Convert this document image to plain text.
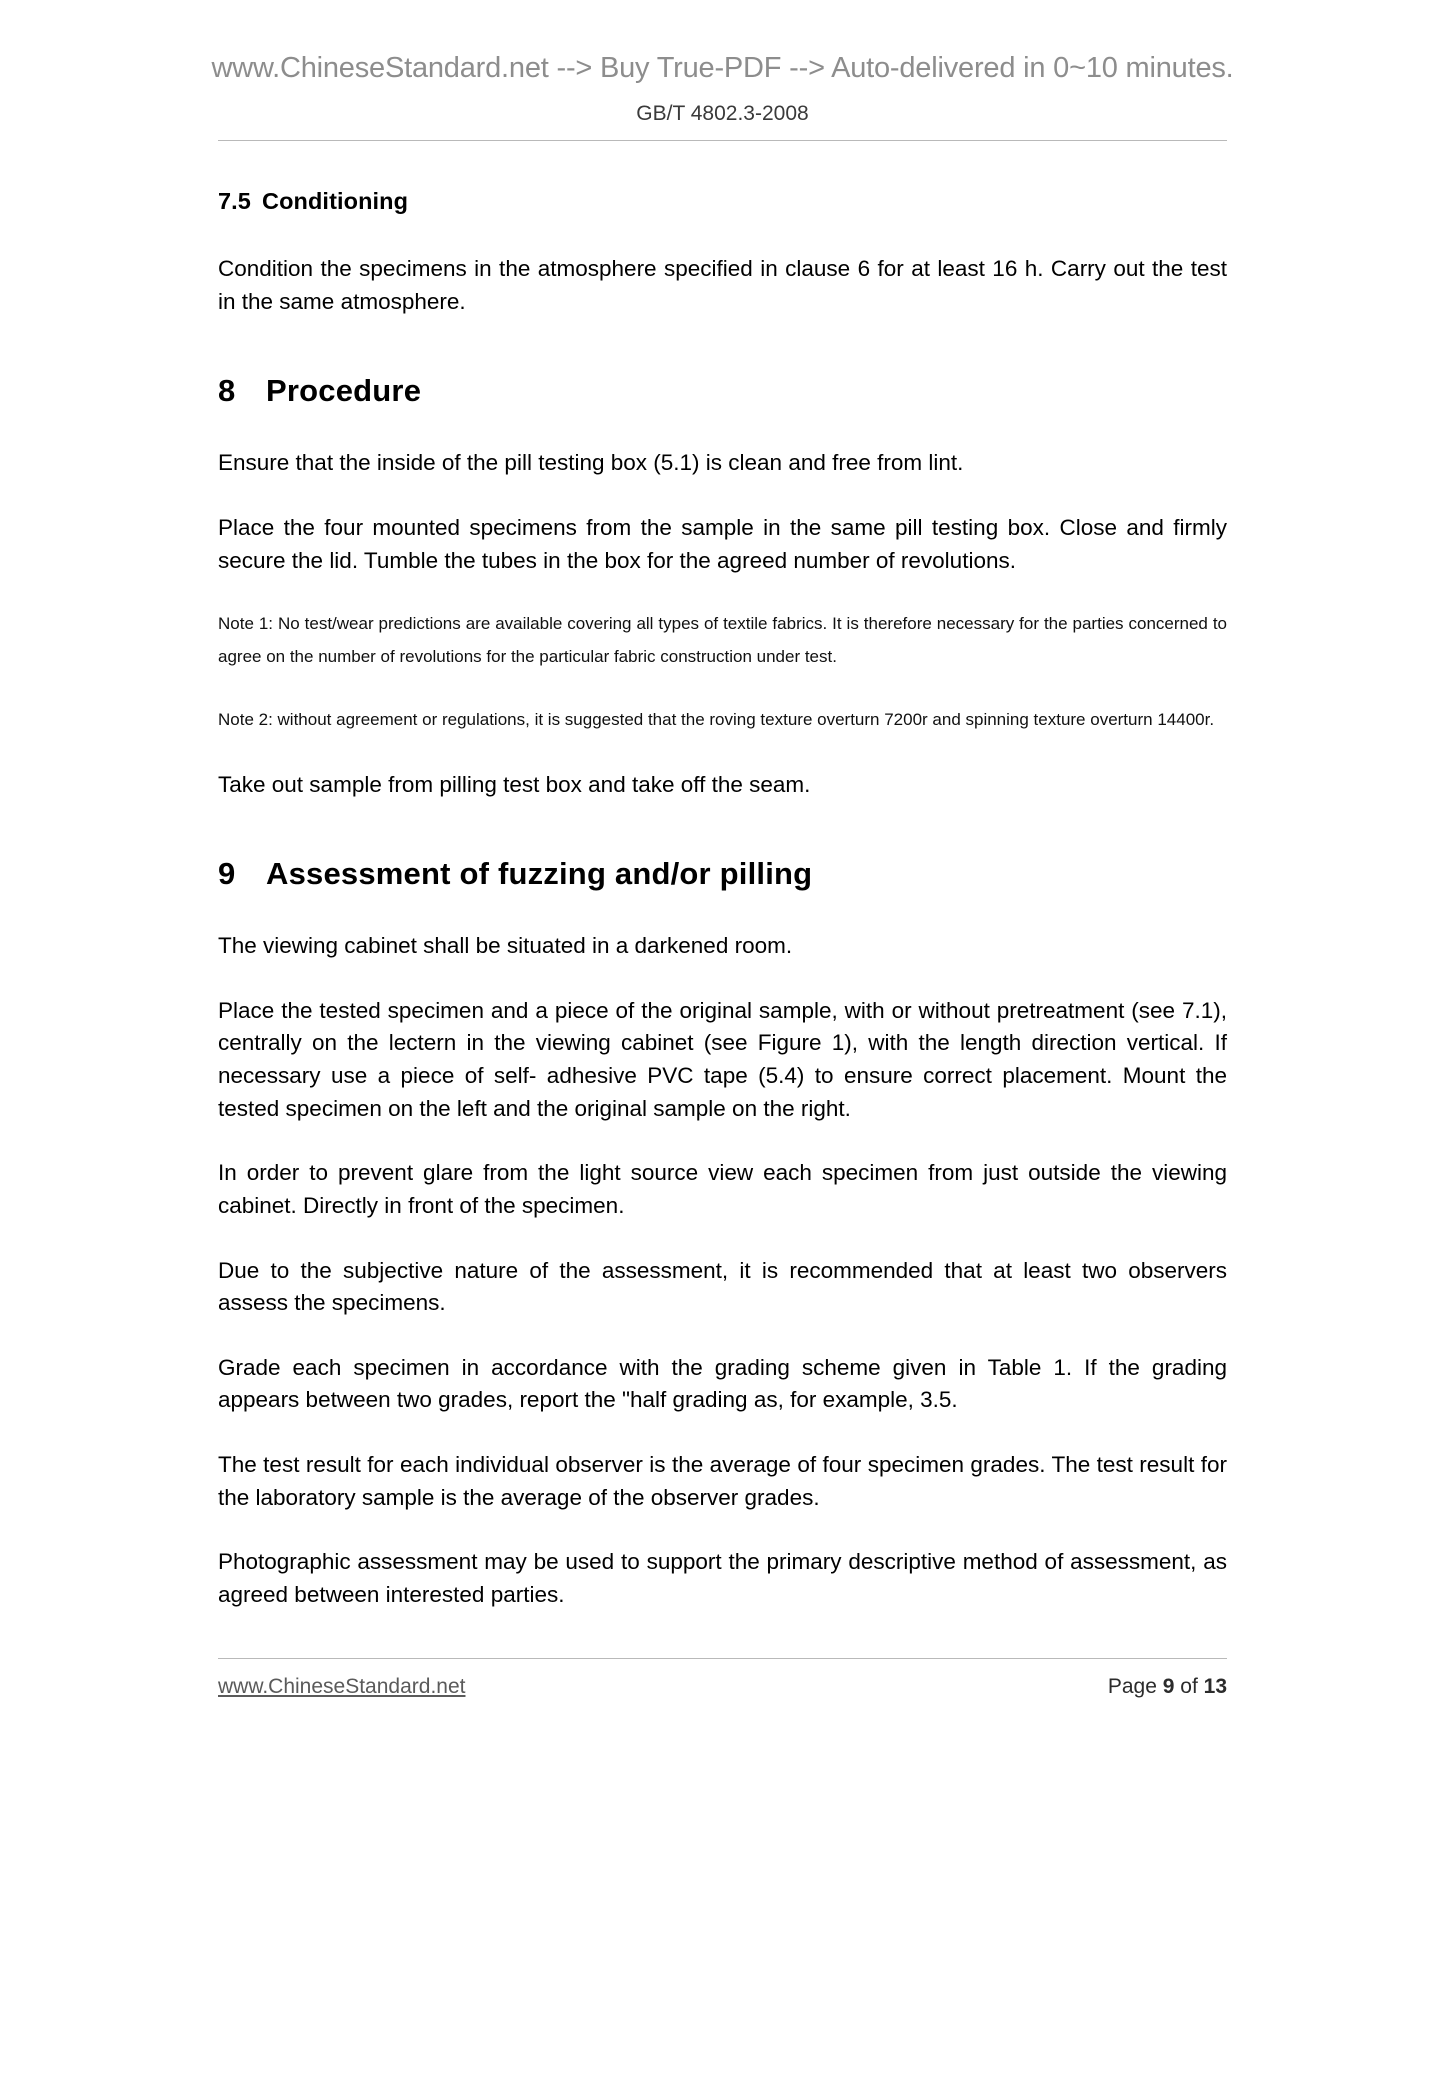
www.ChineseStandard.net --> Buy True-PDF --> Auto-delivered in 0~10 minutes.
GB/T 4802.3-2008
7.5 Conditioning

Condition the specimens in the atmosphere specified in clause 6 for at least 16 h. Carry out the test in the same atmosphere.

8 Procedure

Ensure that the inside of the pill testing box (5.1) is clean and free from lint.

Place the four mounted specimens from the sample in the same pill testing box. Close and firmly secure the lid. Tumble the tubes in the box for the agreed number of revolutions.

Note 1: No test/wear predictions are available covering all types of textile fabrics. It is therefore necessary for the parties concerned to agree on the number of revolutions for the particular fabric construction under test.

Note 2: without agreement or regulations, it is suggested that the roving texture overturn 7200r and spinning texture overturn 14400r.

Take out sample from pilling test box and take off the seam.

9 Assessment of fuzzing and/or pilling

The viewing cabinet shall be situated in a darkened room.

Place the tested specimen and a piece of the original sample, with or without pretreatment (see 7.1), centrally on the lectern in the viewing cabinet (see Figure 1), with the length direction vertical. If necessary use a piece of self- adhesive PVC tape (5.4) to ensure correct placement. Mount the tested specimen on the left and the original sample on the right.

In order to prevent glare from the light source view each specimen from just outside the viewing cabinet. Directly in front of the specimen.

Due to the subjective nature of the assessment, it is recommended that at least two observers assess the specimens.

Grade each specimen in accordance with the grading scheme given in Table 1. If the grading appears between two grades, report the "half grading as, for example, 3.5.

The test result for each individual observer is the average of four specimen grades. The test result for the laboratory sample is the average of the observer grades.

Photographic assessment may be used to support the primary descriptive method of assessment, as agreed between interested parties.

www.ChineseStandard.net	Page 9 of 13
